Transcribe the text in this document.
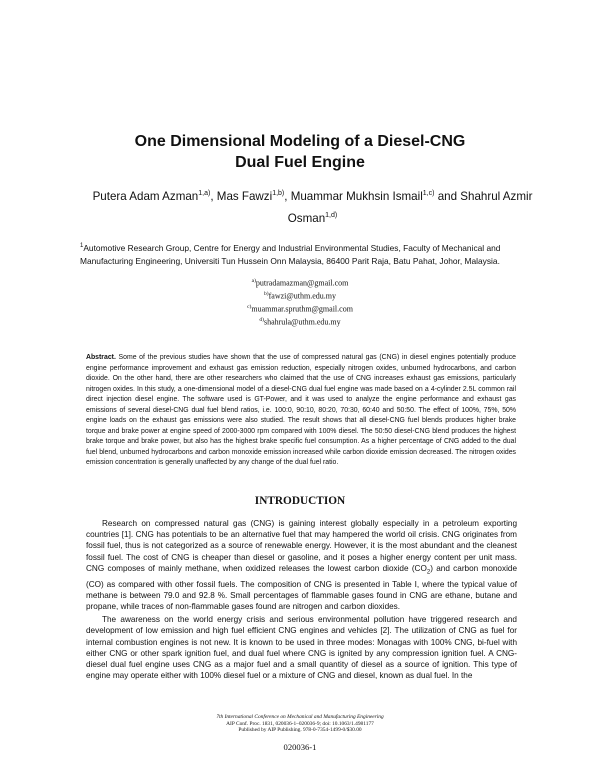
One Dimensional Modeling of a Diesel-CNG
Dual Fuel Engine
Putera Adam Azman$^{1,a)}$, Mas Fawzi$^{1,b)}$, Muammar Mukhsin Ismail$^{1,c)}$ and Shahrul Azmir Osman$^{1,d)}$
$^1$Automotive Research Group, Centre for Energy and Industrial Environmental Studies, Faculty of Mechanical and Manufacturing Engineering, Universiti Tun Hussein Onn Malaysia, 86400 Parit Raja, Batu Pahat, Johor, Malaysia.
$^{a)}$putradamazman@gmail.com
$^{b)}$fawzi@uthm.edu.my
$^{c)}$muammar.spruthm@gmail.com
$^{d)}$shahrula@uthm.edu.my
Abstract. Some of the previous studies have shown that the use of compressed natural gas (CNG) in diesel engines potentially produce engine performance improvement and exhaust gas emission reduction, especially nitrogen oxides, unburned hydrocarbons, and carbon dioxide. On the other hand, there are other researchers who claimed that the use of CNG increases exhaust gas emissions, particularly nitrogen oxides. In this study, a one-dimensional model of a diesel-CNG dual fuel engine was made based on a 4-cylinder 2.5L common rail direct injection diesel engine. The software used is GT-Power, and it was used to analyze the engine performance and exhaust gas emissions of several diesel-CNG dual fuel blend ratios, i.e. 100:0, 90:10, 80:20, 70:30, 60:40 and 50:50. The effect of 100%, 75%, 50% engine loads on the exhaust gas emissions were also studied. The result shows that all diesel-CNG fuel blends produces higher brake torque and brake power at engine speed of 2000-3000 rpm compared with 100% diesel. The 50:50 diesel-CNG blend produces the highest brake torque and brake power, but also has the highest brake specific fuel consumption. As a higher percentage of CNG added to the dual fuel blend, unburned hydrocarbons and carbon monoxide emission increased while carbon dioxide emission decreased. The nitrogen oxides emission concentration is generally unaffected by any change of the dual fuel ratio.
INTRODUCTION

Research on compressed natural gas (CNG) is gaining interest globally especially in a petroleum exporting countries [1]. CNG has potentials to be an alternative fuel that may hampered the world oil crisis. CNG originates from fossil fuel, thus is not categorized as a source of renewable energy. However, it is the most abundant and the cleanest fossil fuel. The cost of CNG is cheaper than diesel or gasoline, and it poses a higher energy content per unit mass. CNG composes of mainly methane, when oxidized releases the lowest carbon dioxide $(CO_2)$ and carbon monoxide (CO) as compared with other fossil fuels. The composition of CNG is presented in Table I, where the typical value of methane is between 79.0 and 92.8 %. Small percentages of flammable gases found in CNG are ethane, butane and propane, while traces of non-flammable gases found are nitrogen and carbon dioxides.

The awareness on the world energy crisis and serious environmental pollution have triggered research and development of low emission and high fuel efficient CNG engines and vehicles [2]. The utilization of CNG as fuel for internal combustion engines is not new. It is known to be used in three modes: Monagas with 100% CNG, bi-fuel with either CNG or other spark ignition fuel, and dual fuel where CNG is ignited by any compression ignition fuel. A CNG-diesel dual fuel engine uses CNG as a major fuel and a small quantity of diesel as a source of ignition. This type of engine may operate either with 100% diesel fuel or a mixture of CNG and diesel, known as dual fuel. In the

7th International Conference on Mechanical and Manufacturing Engineering
AIP Conf. Proc. 1831, 020036-1–020036-9; doi: 10.1063/1.4981177
Published by AIP Publishing. 978-0-7354-1499-0/$30.00
020036-1
